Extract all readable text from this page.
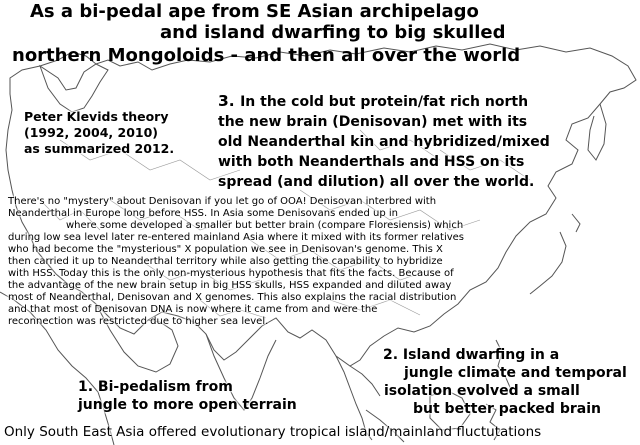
As a bi-pedal ape from SE Asian archipelago
and island dwarfing to big skulled
northern Mongoloids - and then all over the world
Peter Klevids theory
(1992, 2004, 2010)
as summarized 2012.
3. In the cold but protein/fat rich north
the new brain (Denisovan) met with its
old Neanderthal kin and hybridized/mixed
with both Neanderthals and HSS on its
spread (and dilution) all over the world.
There's no "mystery" about Denisovan if you let go of OOA! Denisovan interbred with
Neanderthal in Europe long before HSS. In Asia some Denisovans ended up in
where some developed a smaller but better brain (compare Floresiensis) which
during low sea level later re-entered mainland Asia where it mixed with its former relatives
who had become the "mysterious" X population we see in Denisovan's genome. This X
then carried it up to Neanderthal territory while also getting the capability to hybridize
with HSS. Today this is the only non-mysterious hypothesis that fits the facts. Because of
the advantage of the new brain setup in big HSS skulls, HSS expanded and diluted away
most of Neanderthal, Denisovan and X genomes. This also explains the racial distribution
and that most of Denisovan DNA is now where it came from and were the
reconnection was restricted due to higher sea level.
2. Island dwarfing in a
jungle climate and temporal
isolation evolved a small
but better packed brain
1. Bi-pedalism from
jungle to more open terrain
Only South East Asia offered evolutionary tropical island/mainland fluctutations
